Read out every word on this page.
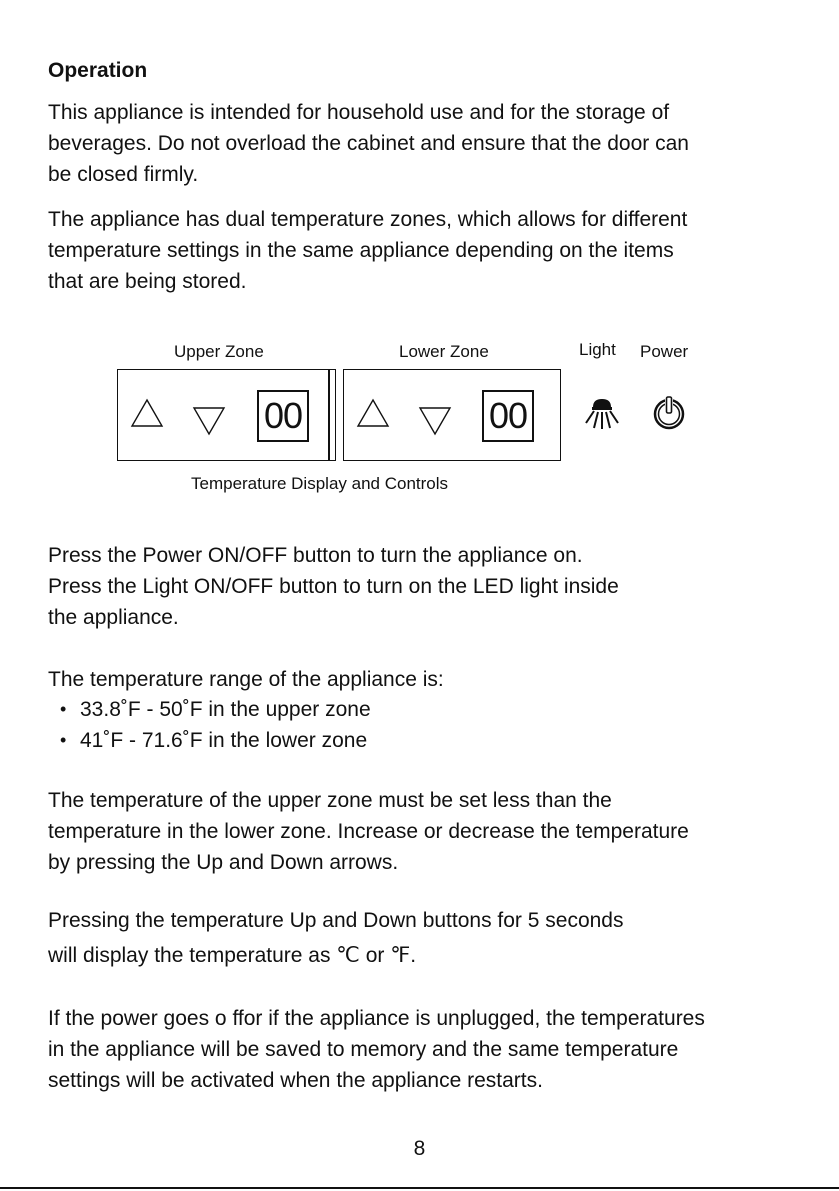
Operation

This appliance is intended for household use and for the storage of
beverages. Do not overload the cabinet and ensure that the door can
be closed firmly.

The appliance has dual temperature zones, which allows for different
temperature settings in the same appliance depending on the items
that are being stored.

Upper Zone	Lower Zone	Light Power
00	00
Temperature Display and Controls

Press the Power ON/OFF button to turn the appliance on.
Press the Light ON/OFF button to turn on the LED light inside
the appliance.

The temperature range of the appliance is:

• 33.8˚F - 50˚F in the upper zone
• 41˚F - 71.6˚F in the lower zone

The temperature of the upper zone must be set less than the
temperature in the lower zone. Increase or decrease the temperature
by pressing the Up and Down arrows.

Pressing the temperature Up and Down buttons for 5 seconds
will display the temperature as ℃ or ℉.

If the power goes o ffor if the appliance is unplugged, the temperatures
in the appliance will be saved to memory and the same temperature
settings will be activated when the appliance restarts.

8
